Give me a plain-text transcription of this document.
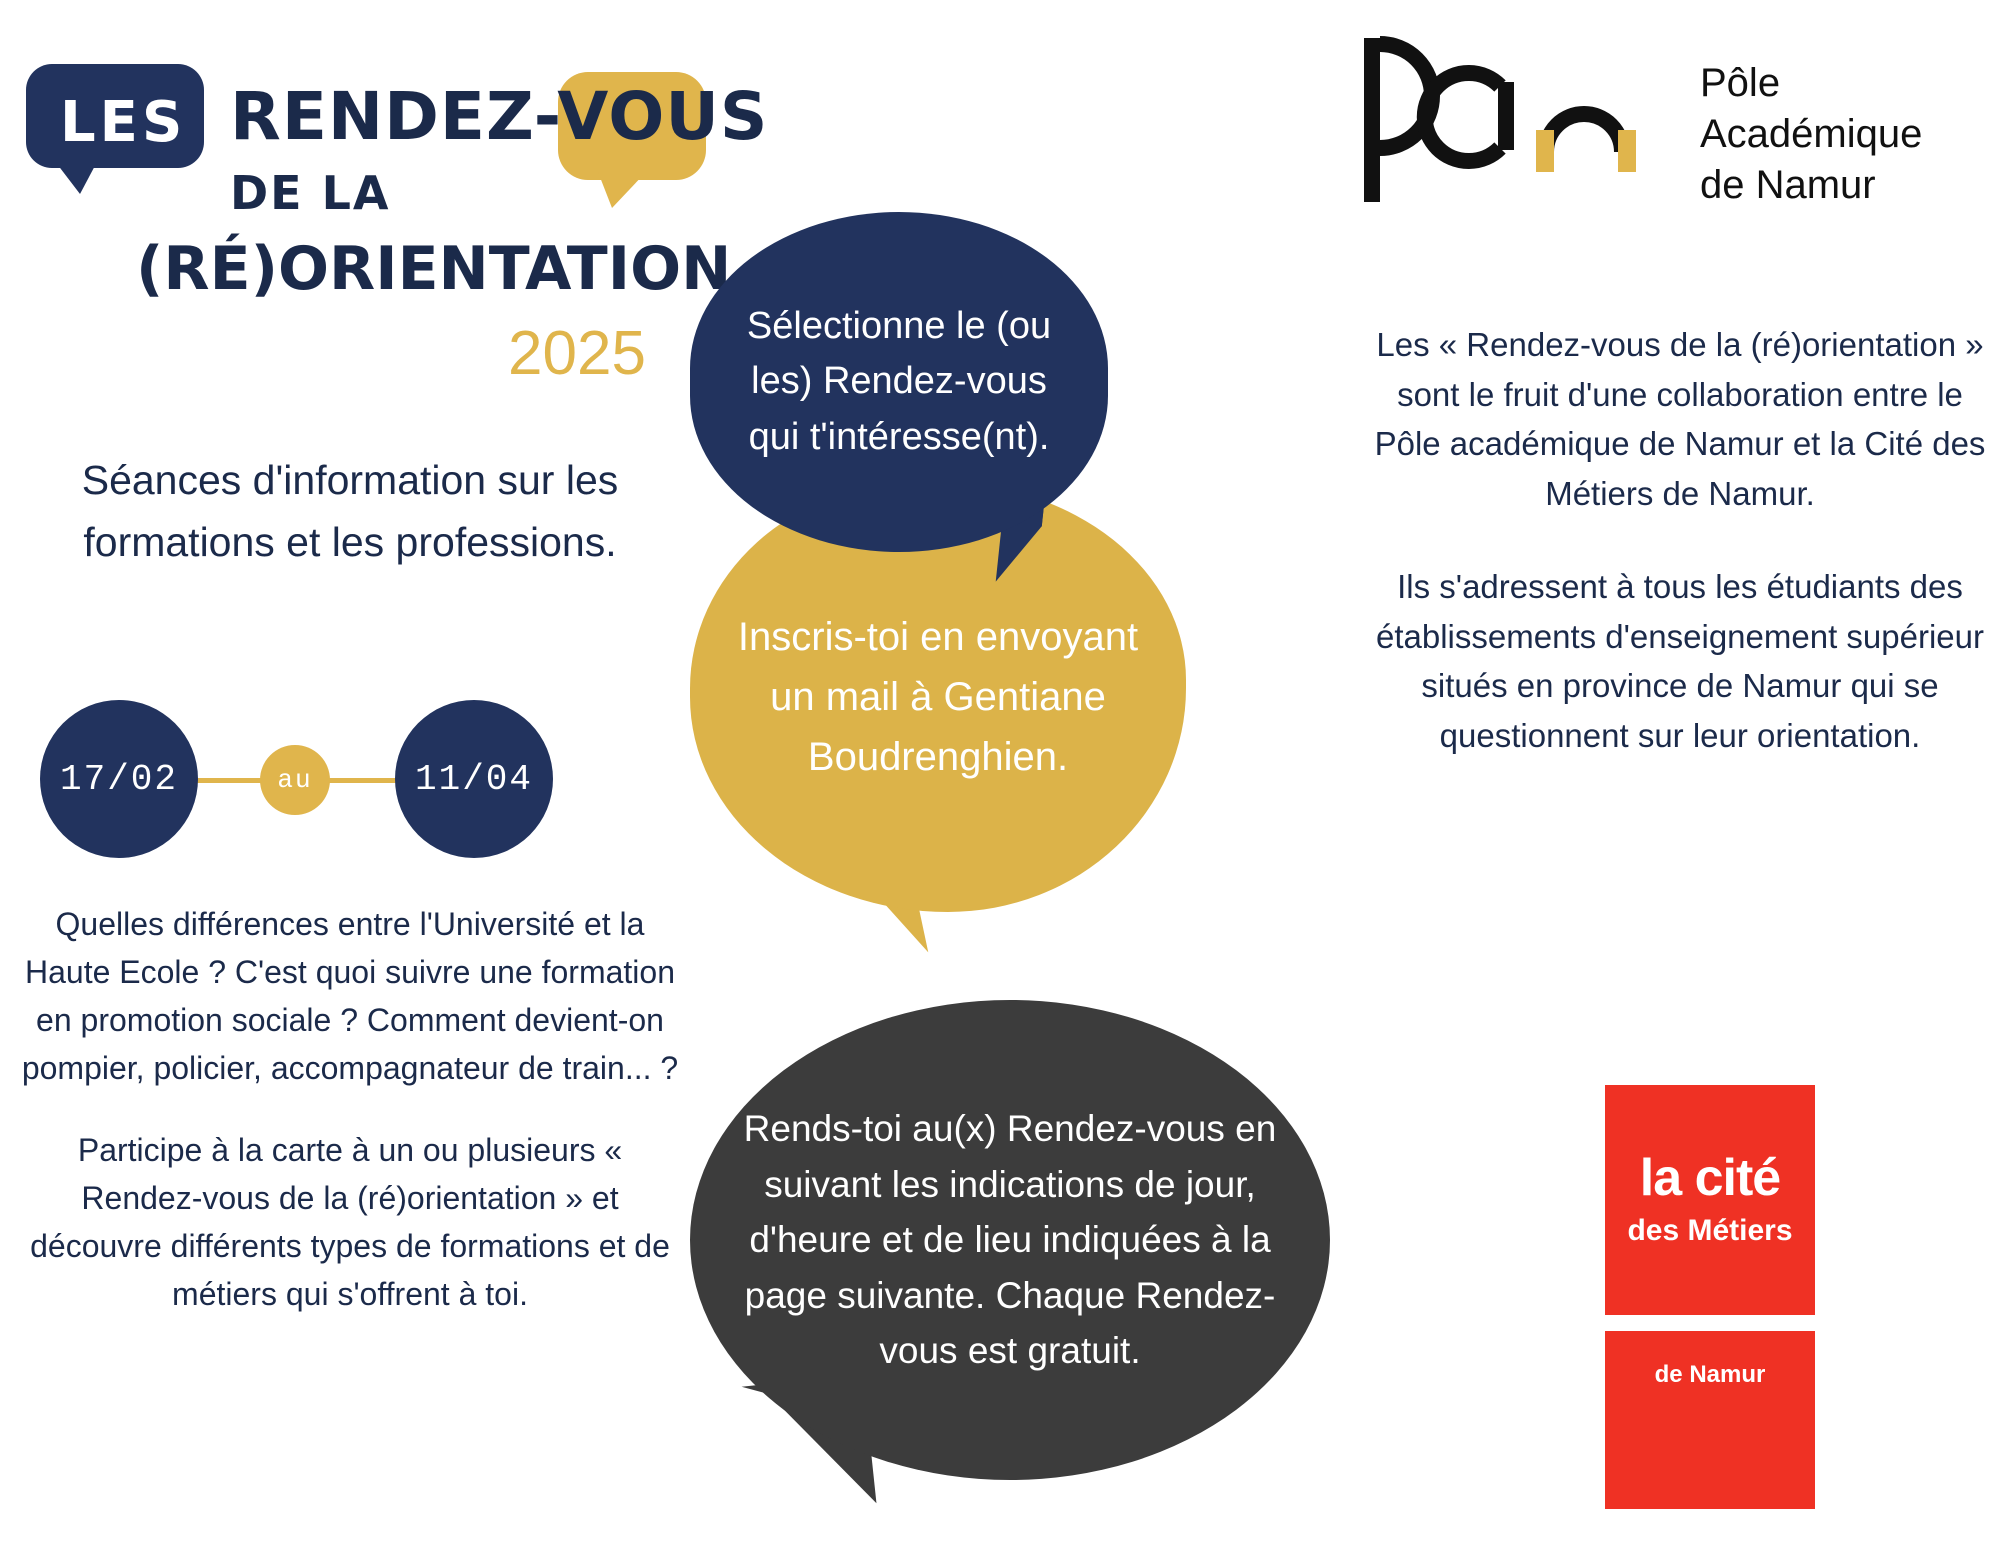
LES RENDEZ-VOUS
DE LA
(RÉ)ORIENTATION
2025
Séances d'information sur les formations et les professions.
17/02	au	11/04

Quelles différences entre l'Université et la Haute Ecole ? C'est quoi suivre une formation en promotion sociale ? Comment devient-on pompier, policier, accompagnateur de train... ?

Participe à la carte à un ou plusieurs « Rendez-vous de la (ré)orientation » et découvre différents types de formations et de métiers qui s'offrent à toi.

Sélectionne le (ou les) Rendez-vous qui t'intéresse(nt).
Inscris-toi en envoyant un mail à Gentiane Boudrenghien.
Rends-toi au(x) Rendez-vous en suivant les indications de jour, d'heure et de lieu indiquées à la page suivante. Chaque Rendez-vous est gratuit.
Pôle
Académique
de Namur

Les « Rendez-vous de la (ré)orientation » sont le fruit d'une collaboration entre le Pôle académique de Namur et la Cité des Métiers de Namur.

Ils s'adressent à tous les étudiants des établissements d'enseignement supérieur situés en province de Namur qui se questionnent sur leur orientation.

la cité
des Métiers
de Namur
